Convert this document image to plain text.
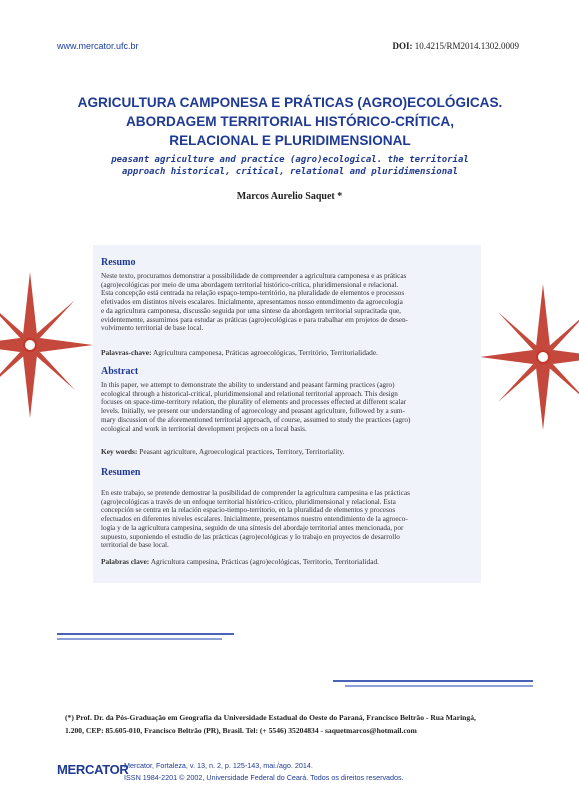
www.mercator.ufc.br	DOI: 10.4215/RM2014.1302.0009
AGRICULTURA CAMPONESA E PRÁTICAS (AGRO)ECOLÓGICAS.
ABORDAGEM TERRITORIAL HISTÓRICO-CRÍTICA,
RELACIONAL E PLURIDIMENSIONAL
peasant agriculture and practice (agro)ecological. the territorial
approach historical, critical, relational and pluridimensional
Marcos Aurelio Saquet *
Resumo
Neste texto, procuramos demonstrar a possibilidade de compreender a agricultura camponesa e as práticas
(agro)ecológicas por meio de uma abordagem territorial histórico-crítica, pluridimensional e relacional.
Esta concepção está centrada na relação espaço-tempo-território, na pluralidade de elementos e processos
efetivados em distintos níveis escalares. Inicialmente, apresentamos nosso entendimento da agroecologia
e da agricultura camponesa, discussão seguida por uma síntese da abordagem territorial supracitada que,
evidentemente, assumimos para estudar as práticas (agro)ecológicas e para trabalhar em projetos de desen-
volvimento territorial de base local.
Palavras-chave: Agricultura camponesa, Práticas agroecológicas, Território, Territorialidade.
Abstract
In this paper, we attempt to demonstrate the ability to understand and peasant farming practices (agro)
ecological through a historical-critical, pluridimensional and relational territorial approach. This design
focuses on space-time-territory relation, the plurality of elements and processes effected at different scalar
levels. Initially, we present our understanding of agroecology and peasant agriculture, followed by a sum-
mary discussion of the aforementioned territorial approach, of course, assumed to study the practices (agro)
ecological and work in territorial development projects on a local basis.
Key words: Peasant agriculture, Agroecological practices, Territory, Territoriality.
Resumen
En este trabajo, se pretende demostrar la posibilidad de comprender la agricultura campesina e las prácticas
(agro)ecológicas a través de un enfoque territorial histórico-crítico, pluridimensional y relacional. Esta
concepción se centra en la relación espacio-tiempo-territorio, en la pluralidad de elementos y procesos
efectuados en diferentes niveles escalares. Inicialmente, presentamos nuestro entendimiento de la agroeco-
logía y de la agricultura campesina, seguido de una síntesis del abordaje territorial antes mencionada, por
supuesto, suponiendo el estudio de las prácticas (agro)ecológicas y lo trabajo en proyectos de desarrollo
territorial de base local.
Palabras clave: Agricultura campesina, Prácticas (agro)ecológicas, Territorio, Territorialidad.
(*) Prof. Dr. da Pós-Graduação em Geografia da Universidade Estadual do Oeste do Paraná, Francisco Beltrão - Rua Maringá,
1.200, CEP: 85.605-010, Francisco Beltrão (PR), Brasil. Tel: (+ 5546) 35204834 - saquetmarcos@hotmail.com
MERCATOR
Mercator, Fortaleza, v. 13, n. 2, p. 125-143, mai./ago. 2014.
ISSN 1984-2201 © 2002, Universidade Federal do Ceará. Todos os direitos reservados.
